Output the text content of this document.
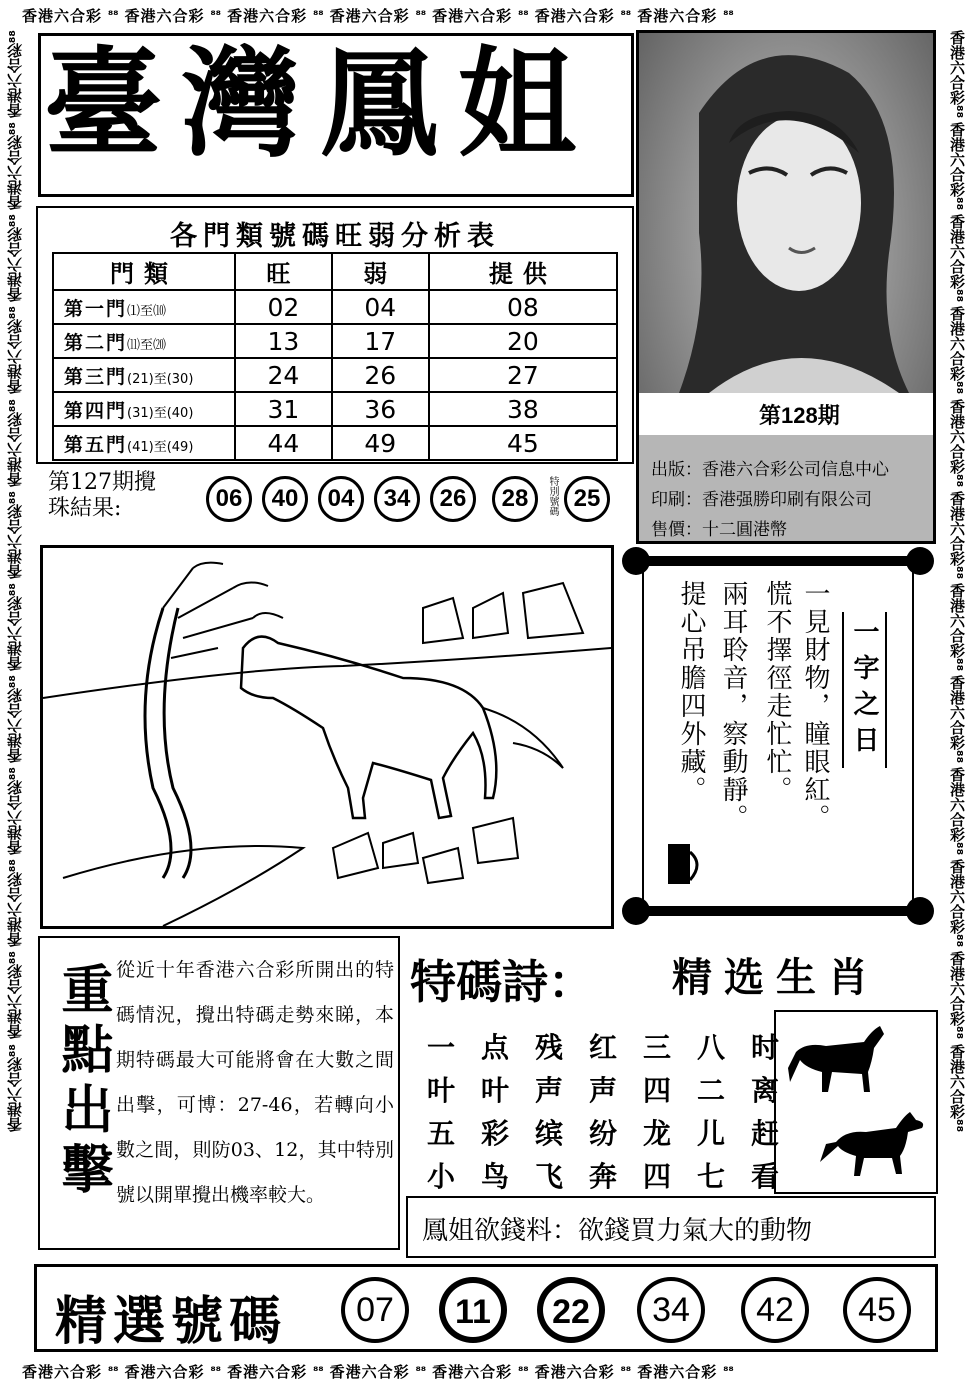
香港六合彩 ⁸⁸ 香港六合彩 ⁸⁸ 香港六合彩 ⁸⁸ 香港六合彩 ⁸⁸ 香港六合彩 ⁸⁸ 香港六合彩 ⁸⁸ 香港六合彩 ⁸⁸
香港六合彩 ⁸⁸ 香港六合彩 ⁸⁸ 香港六合彩 ⁸⁸ 香港六合彩 ⁸⁸ 香港六合彩 ⁸⁸ 香港六合彩 ⁸⁸ 香港六合彩 ⁸⁸
香港六合彩⁸⁸
香港六合彩⁸⁸
香港六合彩⁸⁸
香港六合彩⁸⁸
香港六合彩⁸⁸
香港六合彩⁸⁸
香港六合彩⁸⁸
香港六合彩⁸⁸
香港六合彩⁸⁸
香港六合彩⁸⁸
香港六合彩⁸⁸
香港六合彩⁸⁸
香港六合彩⁸⁸
香港六合彩⁸⁸
香港六合彩⁸⁸
香港六合彩⁸⁸
香港六合彩⁸⁸
香港六合彩⁸⁸
香港六合彩⁸⁸
香港六合彩⁸⁸
香港六合彩⁸⁸
香港六合彩⁸⁸
香港六合彩⁸⁸
香港六合彩⁸⁸
臺灣鳳姐
第128期
出版：香港六合彩公司信息中心
印刷：香港强勝印刷有限公司
售價：十二圓港幣
各門類號碼旺弱分析表
門類	旺	弱	提供
第一門⑴至⑽	02	04	08
第二門⑾至⒇	13	17	20
第三門(21)至(30)	24	26	27
第四門(31)至(40)	31	36	38
第五門(41)至(49)	44	49	45
第127期攪
珠結果:	06	40	04	34	26	28	特別號碼 25
一見財物，瞳眼紅。
慌不擇徑走忙忙。
兩耳聆音，察動靜。
提心吊膽四外藏。	一字之日
重點出擊 從近十年香港六合彩所開出的特碼情況，攪出特碼走勢來睇，本期特碼最大可能將會在大數之間出擊，可博：27-46，若轉向小數之間，則防03、12，其中特別號以開單攪出機率較大。
特碼詩： 精选生肖
一 点 残 红 三 八 时
叶 叶 声 声 四 二 离
五 彩 缤 纷 龙 儿 赶
小 鸟 飞 奔 四 七 看
鳳姐欲錢料：欲錢買力氣大的動物
精選號碼	07	11	22	34	42	45
